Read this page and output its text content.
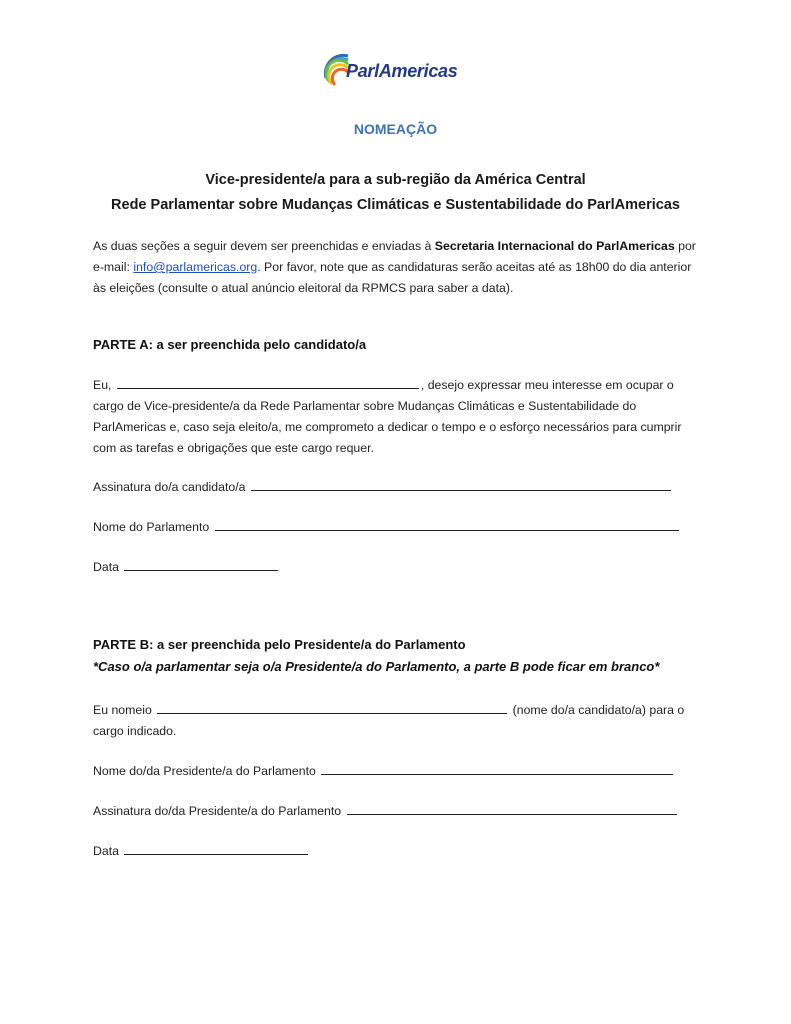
ParlAmericas
NOMEAÇÃO
Vice-presidente/a para a sub-região da América Central
Rede Parlamentar sobre Mudanças Climáticas e Sustentabilidade do ParlAmericas
As duas seções a seguir devem ser preenchidas e enviadas à Secretaria Internacional do ParlAmericas por e-mail: info@parlamericas.org. Por favor, note que as candidaturas serão aceitas até as 18h00 do dia anterior às eleições (consulte o atual anúncio eleitoral da RPMCS para saber a data).
PARTE A: a ser preenchida pelo candidato/a
Eu,	, desejo expressar meu interesse em ocupar o cargo de Vice-presidente/a da Rede Parlamentar sobre Mudanças Climáticas e Sustentabilidade do ParlAmericas e, caso seja eleito/a, me comprometo a dedicar o tempo e o esforço necessários para cumprir com as tarefas e obrigações que este cargo requer.
Assinatura do/a candidato/a
Nome do Parlamento
Data
PARTE B: a ser preenchida pelo Presidente/a do Parlamento
*Caso o/a parlamentar seja o/a Presidente/a do Parlamento, a parte B pode ficar em branco*
Eu nomeio	(nome do/a candidato/a) para o cargo indicado.
Nome do/da Presidente/a do Parlamento
Assinatura do/da Presidente/a do Parlamento
Data
